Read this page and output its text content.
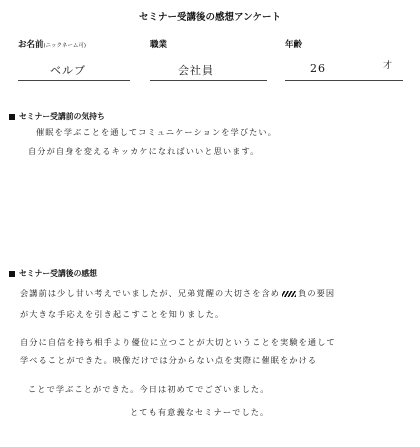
セミナー受講後の感想アンケート
お名前(ニックネーム可)	職業	年齢
ベルブ	会社員	26	才
セミナー受講前の気持ち
催眠を学ぶことを通してコミュニケーションを学びたい。
自分が自身を変えるキッカケになればいいと思います。
セミナー受講後の感想
会講前は少し甘い考えでいましたが、兄弟覚醒の大切さを含め 負の要因
が大きな手応えを引き起こすことを知りました。
自分に自信を持ち相手より優位に立つことが大切ということを実験を通して
学べることができた。映像だけでは分からない点を実際に催眠をかける
ことで学ぶことができた。今日は初めてでございました。
とても有意義なセミナーでした。
